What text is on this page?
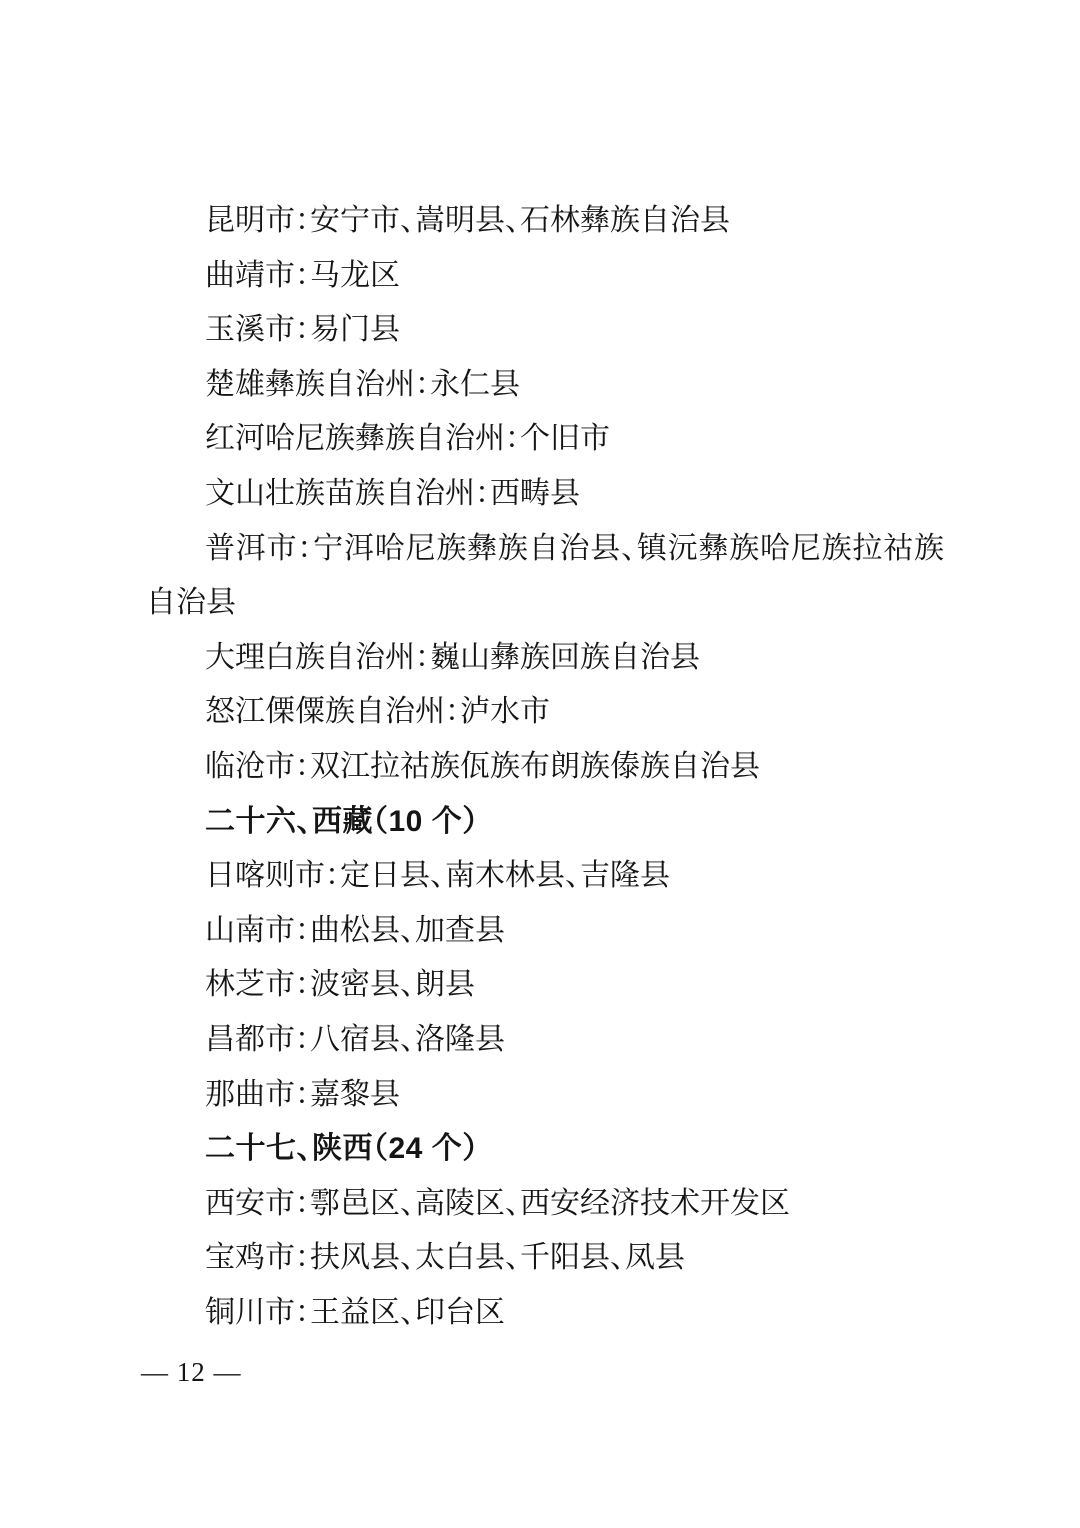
昆明市：安宁市、嵩明县、石林彝族自治县

曲靖市：马龙区

玉溪市：易门县

楚雄彝族自治州：永仁县

红河哈尼族彝族自治州：个旧市

文山壮族苗族自治州：西畴县

普洱市：宁洱哈尼族彝族自治县、镇沅彝族哈尼族拉祜族自治县

大理白族自治州：巍山彝族回族自治县

怒江傈僳族自治州：泸水市

临沧市：双江拉祜族佤族布朗族傣族自治县

二十六、西藏（10 个）

日喀则市：定日县、南木林县、吉隆县

山南市：曲松县、加查县

林芝市：波密县、朗县

昌都市：八宿县、洛隆县

那曲市：嘉黎县

二十七、陕西（24 个）

西安市：鄠邑区、高陵区、西安经济技术开发区

宝鸡市：扶风县、太白县、千阳县、凤县

铜川市：王益区、印台区

— 12 —
